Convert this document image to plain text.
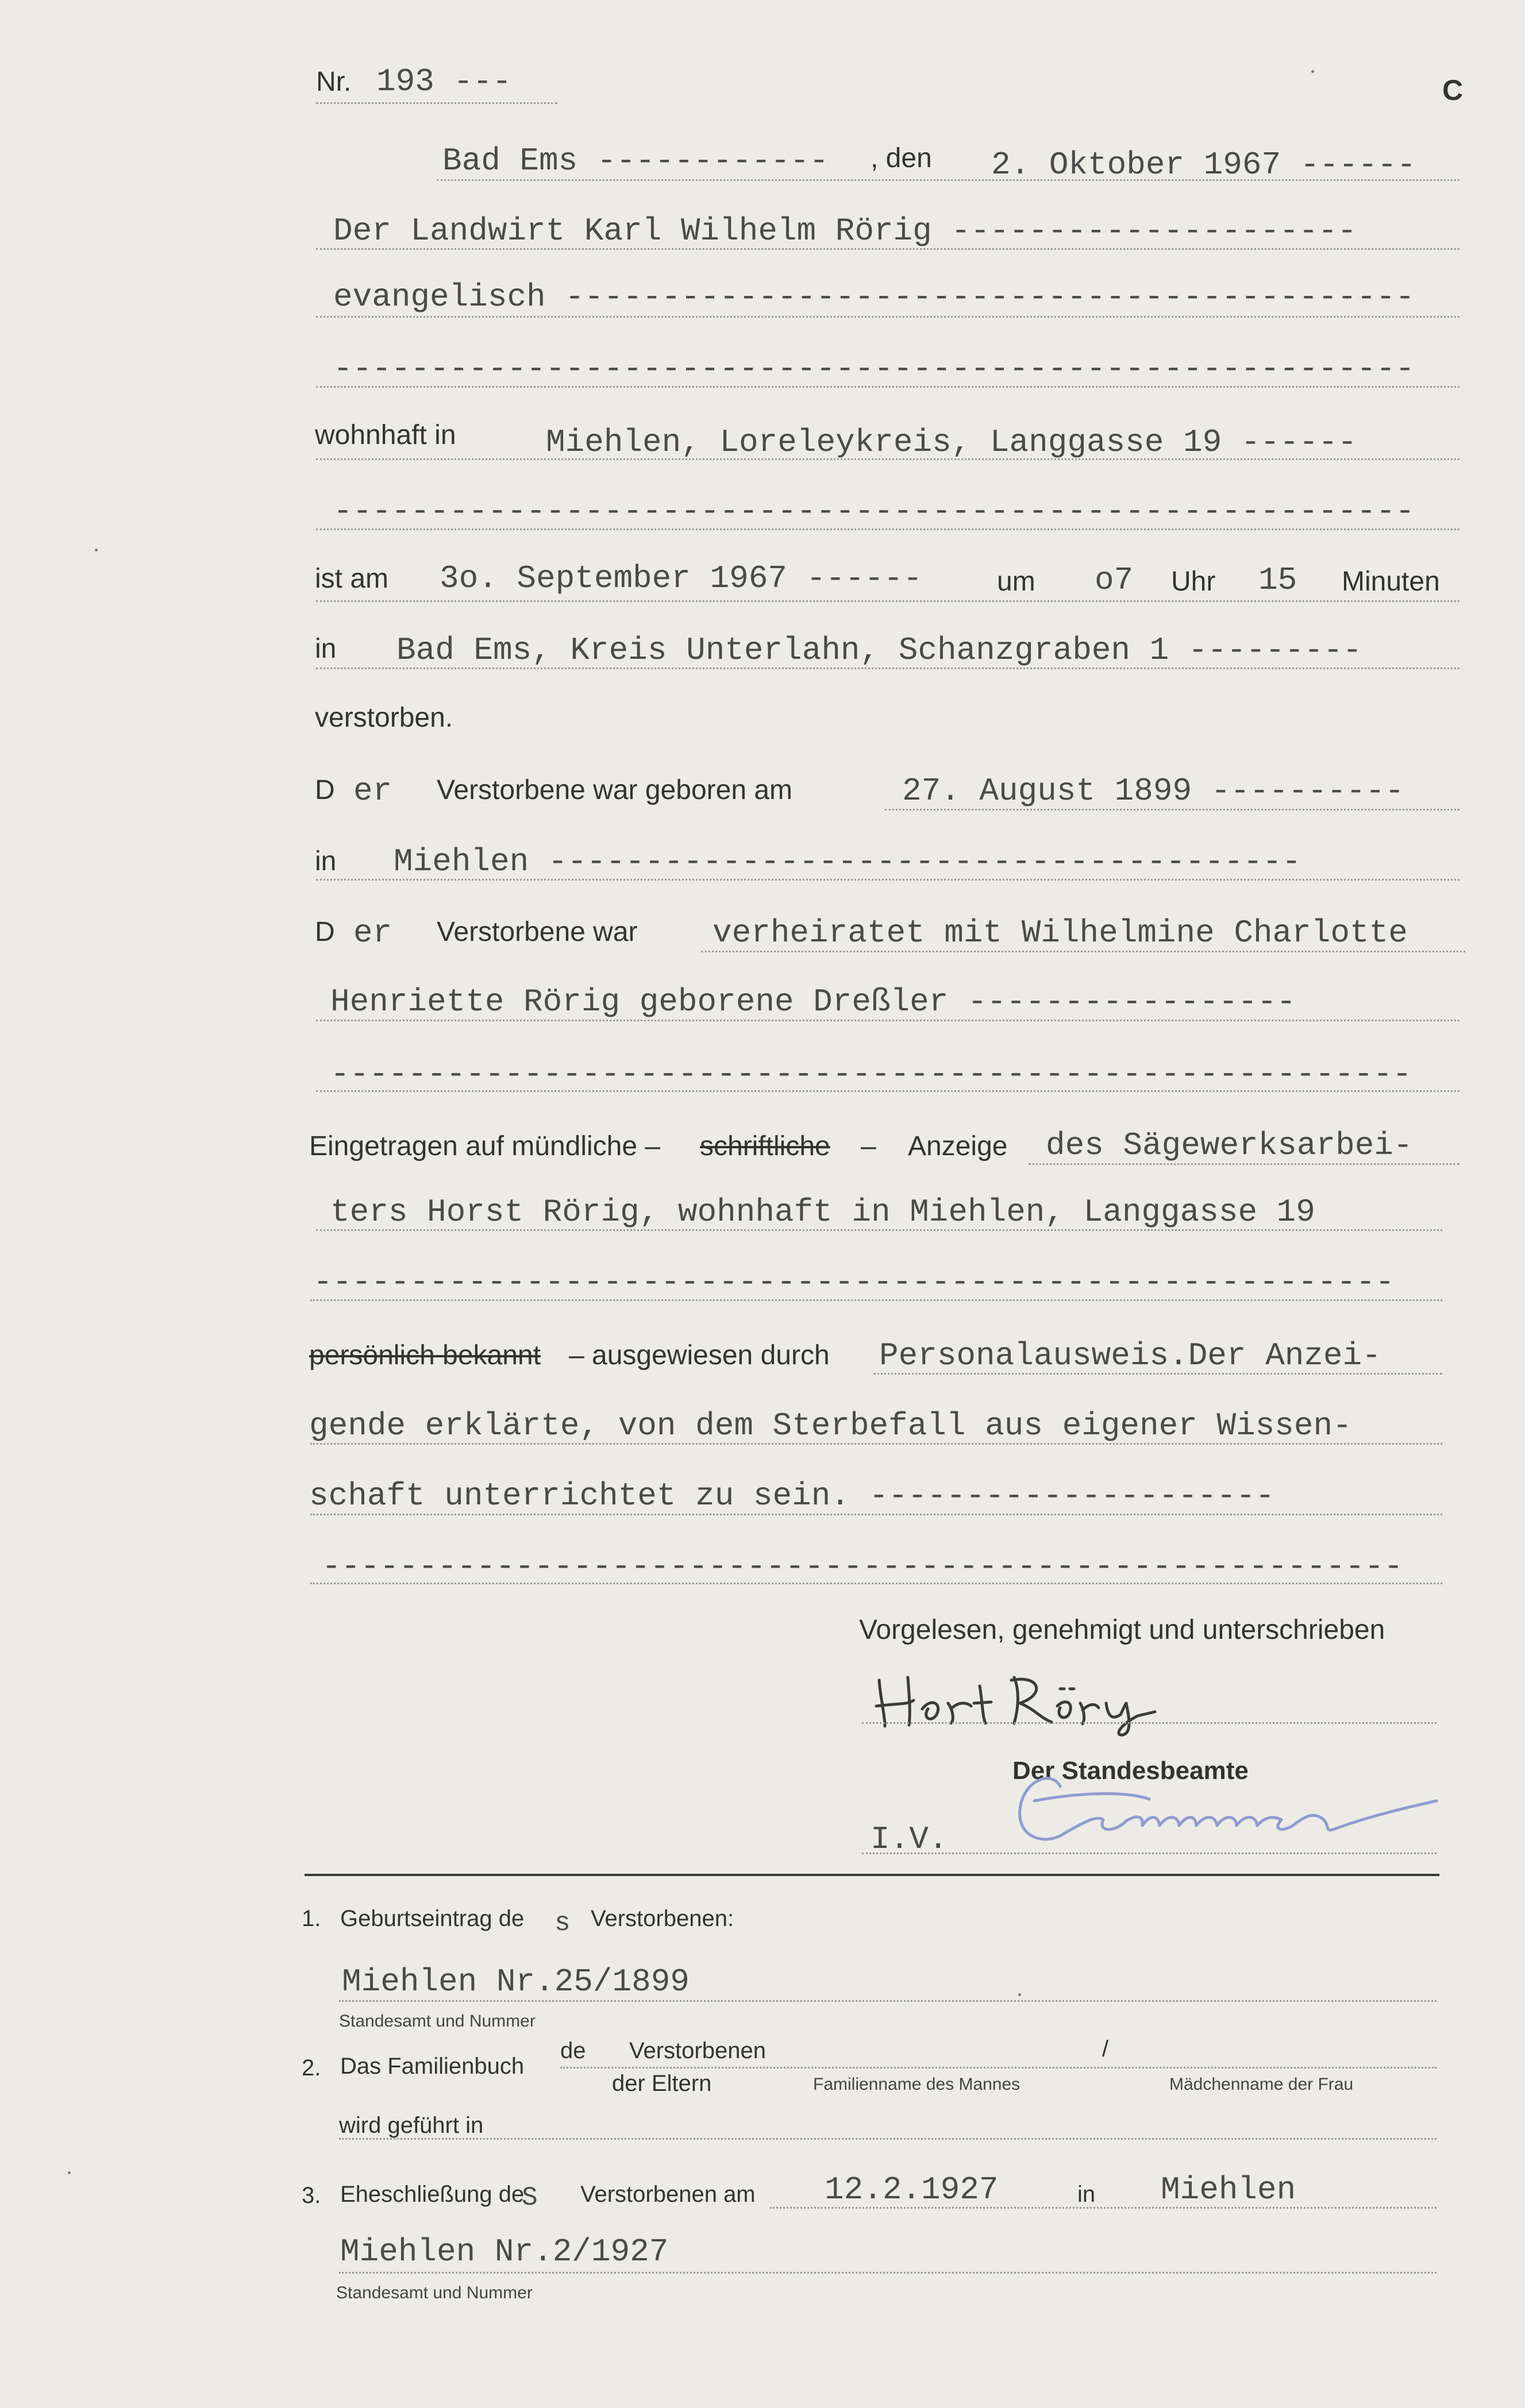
Nr. 193 ---	C
Bad Ems ------------ , den 2. Oktober 1967 ------
Der Landwirt Karl Wilhelm Rörig ---------------------
evangelisch --------------------------------------------
--------------------------------------------------------
wohnhaft in	Miehlen, Loreleykreis, Langgasse 19 ------
--------------------------------------------------------
ist am 3o. September 1967 ------	um o7 Uhr 15 Minuten
in Bad Ems, Kreis Unterlahn, Schanzgraben 1 ---------
verstorben.
D er Verstorbene war geboren am	27. August 1899 ----------
in Miehlen ---------------------------------------
D er Verstorbene war verheiratet mit Wilhelmine Charlotte
Henriette Rörig geborene Dreßler -----------------
--------------------------------------------------------
Eingetragen auf mündliche – schriftliche – Anzeige des Sägewerksarbei-
ters Horst Rörig, wohnhaft in Miehlen, Langgasse 19
--------------------------------------------------------
persönlich bekannt – ausgewiesen durch Personalausweis.Der Anzei-
gende erklärte, von dem Sterbefall aus eigener Wissen-
schaft unterrichtet zu sein. ---------------------
--------------------------------------------------------
Vorgelesen, genehmigt und unterschrieben
Der Standesbeamte
I.V.
1. Geburtseintrag de s Verstorbenen:
Miehlen Nr.25/1899
Standesamt und Nummer
2. Das Familienbuch
de Verstorbenen
der Eltern
/
Familienname des Mannes	Mädchenname der Frau
wird geführt in
3. Eheschließung de
S Verstorbenen am 12.2.1927	in Miehlen
Miehlen Nr.2/1927
Standesamt und Nummer
